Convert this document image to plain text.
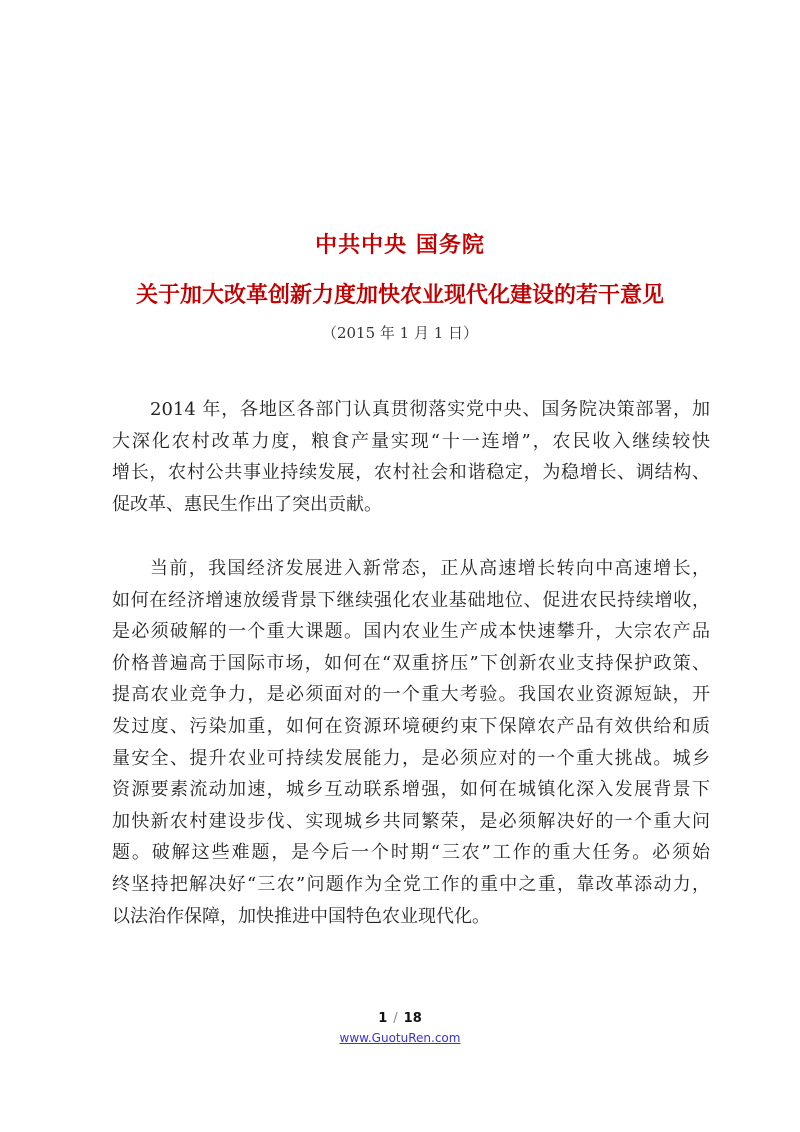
中共中央 国务院
关于加大改革创新力度加快农业现代化建设的若干意见
（2015 年 1 月 1 日）
2014 年，各地区各部门认真贯彻落实党中央、国务院决策部署，加
大深化农村改革力度，粮食产量实现“十一连增”，农民收入继续较快
增长，农村公共事业持续发展，农村社会和谐稳定，为稳增长、调结构、
促改革、惠民生作出了突出贡献。
当前，我国经济发展进入新常态，正从高速增长转向中高速增长，
如何在经济增速放缓背景下继续强化农业基础地位、促进农民持续增收，
是必须破解的一个重大课题。国内农业生产成本快速攀升，大宗农产品
价格普遍高于国际市场，如何在“双重挤压”下创新农业支持保护政策、
提高农业竞争力，是必须面对的一个重大考验。我国农业资源短缺，开
发过度、污染加重，如何在资源环境硬约束下保障农产品有效供给和质
量安全、提升农业可持续发展能力，是必须应对的一个重大挑战。城乡
资源要素流动加速，城乡互动联系增强，如何在城镇化深入发展背景下
加快新农村建设步伐、实现城乡共同繁荣，是必须解决好的一个重大问
题。破解这些难题，是今后一个时期“三农”工作的重大任务。必须始
终坚持把解决好“三农”问题作为全党工作的重中之重，靠改革添动力，
以法治作保障，加快推进中国特色农业现代化。
1 / 18
www.GuotuRen.com
